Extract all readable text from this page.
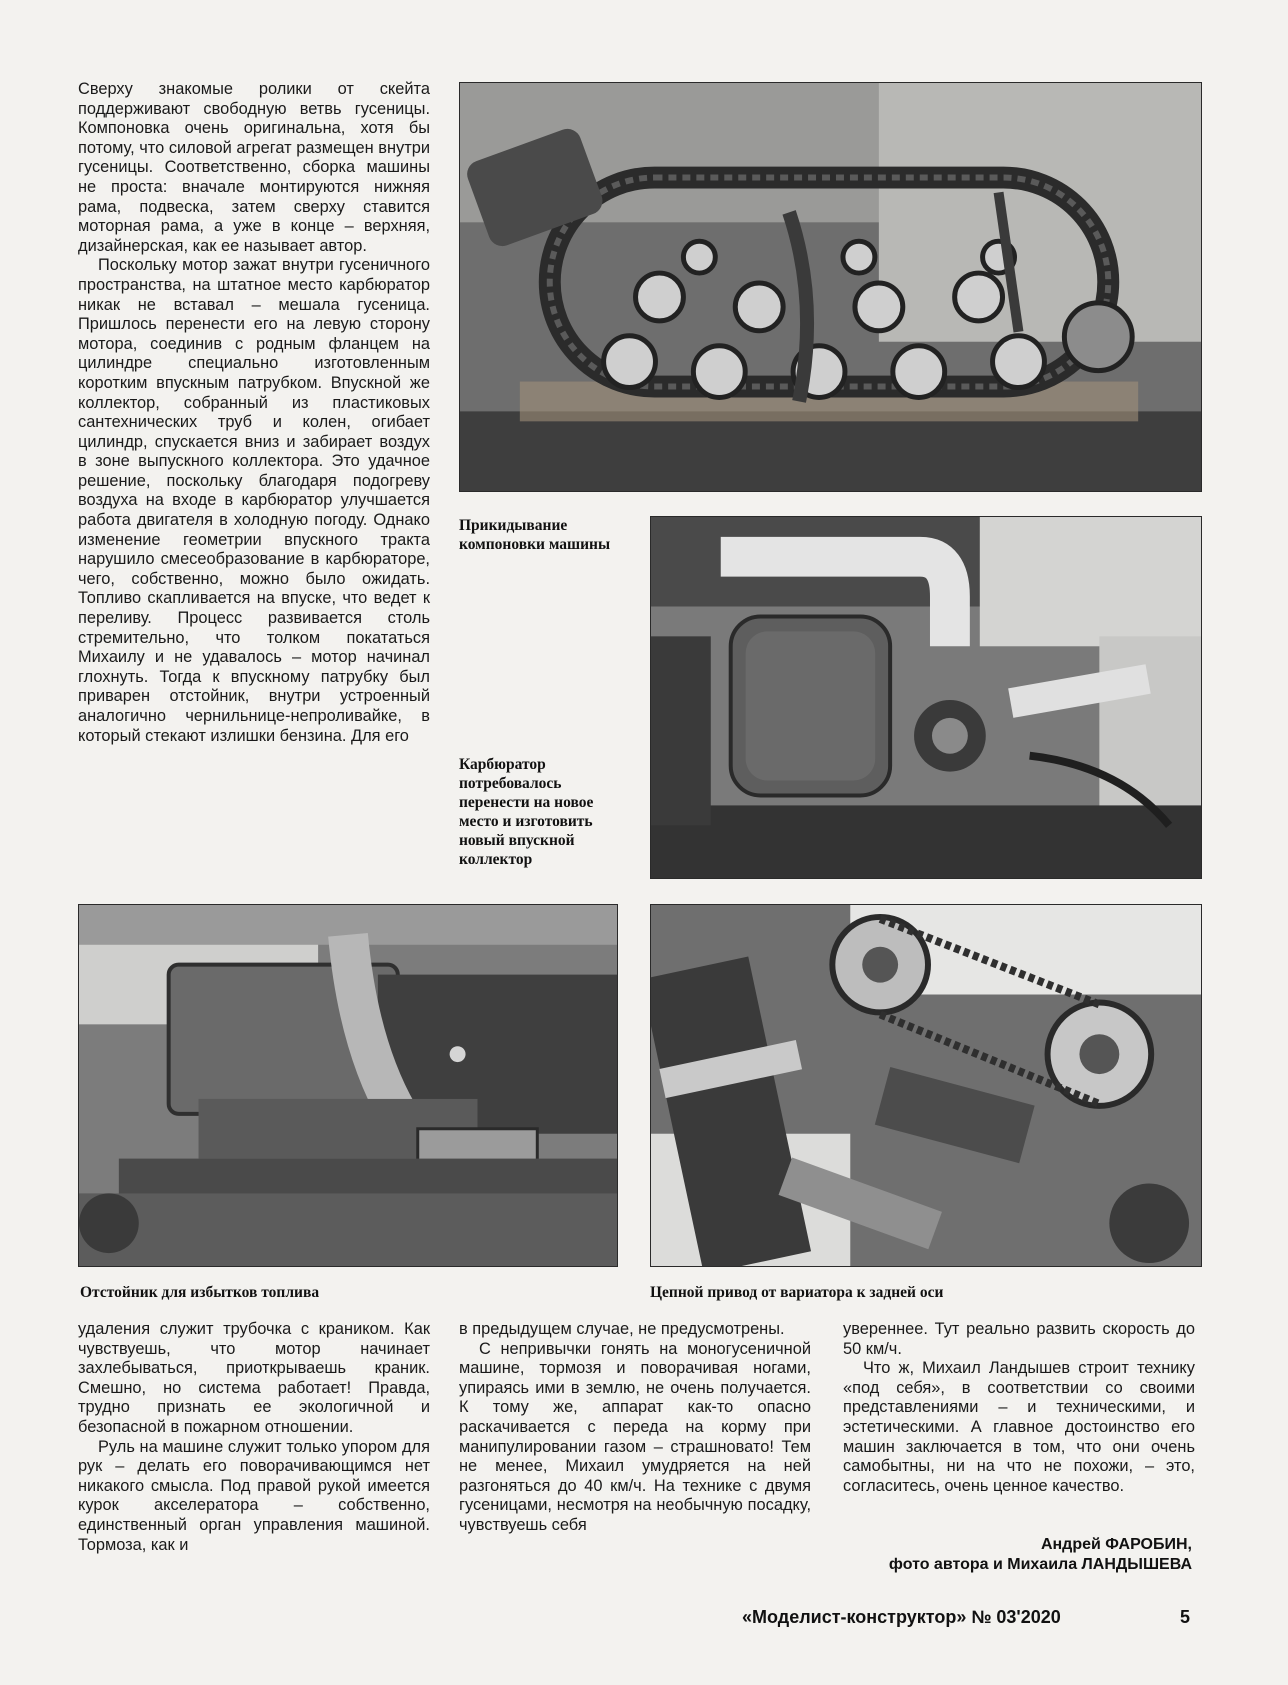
Сверху знакомые ролики от скейта поддерживают свободную ветвь гусеницы. Компоновка очень оригинальна, хотя бы потому, что силовой агрегат размещен внутри гусеницы. Соответственно, сборка машины не проста: вначале монтируются нижняя рама, подвеска, затем сверху ставится моторная рама, а уже в конце – верхняя, дизайнерская, как ее называет автор.

Поскольку мотор зажат внутри гусеничного пространства, на штатное место карбюратор никак не вставал – мешала гусеница. Пришлось перенести его на левую сторону мотора, соединив с родным фланцем на цилиндре специально изготовленным коротким впускным патрубком. Впускной же коллектор, собранный из пластиковых сантехнических труб и колен, огибает цилиндр, спускается вниз и забирает воздух в зоне выпускного коллектора. Это удачное решение, поскольку благодаря подогреву воздуха на входе в карбюратор улучшается работа двигателя в холодную погоду. Однако изменение геометрии впускного тракта нарушило смесеобразование в карбюраторе, чего, собственно, можно было ожидать. Топливо скапливается на впуске, что ведет к переливу. Процесс развивается столь стремительно, что толком покататься Михаилу и не удавалось – мотор начинал глохнуть. Тогда к впускному патрубку был приварен отстойник, внутри устроенный аналогично чернильнице-непроливайке, в который стекают излишки бензина. Для его

Прикидывание компоновки машины
Карбюратор потребовалось перенести на новое место и изготовить новый впускной коллектор
Отстойник для избытков топлива	Цепной привод от вариатора к задней оси

удаления служит трубочка с краником. Как чувствуешь, что мотор начинает захлебываться, приоткрываешь краник. Смешно, но система работает! Правда, трудно признать ее экологичной и безопасной в пожарном отношении.

Руль на машине служит только упором для рук – делать его поворачивающимся нет никакого смысла. Под правой рукой имеется курок акселератора – собственно, единственный орган управления машиной. Тормоза, как и

в предыдущем случае, не предусмотрены.

С непривычки гонять на моногусеничной машине, тормозя и поворачивая ногами, упираясь ими в землю, не очень получается. К тому же, аппарат как-то опасно раскачивается с переда на корму при манипулировании газом – страшновато! Тем не менее, Михаил умудряется на ней разгоняться до 40 км/ч. На технике с двумя гусеницами, несмотря на необычную посадку, чувствуешь себя

увереннее. Тут реально развить скорость до 50 км/ч.

Что ж, Михаил Ландышев строит технику «под себя», в соответствии со своими представлениями – и техническими, и эстетическими. А главное достоинство его машин заключается в том, что они очень самобытны, ни на что не похожи, – это, согласитесь, очень ценное качество.

Андрей ФАРОБИН,
фото автора и Михаила ЛАНДЫШЕВА
«Моделист-конструктор» № 03'2020	5
